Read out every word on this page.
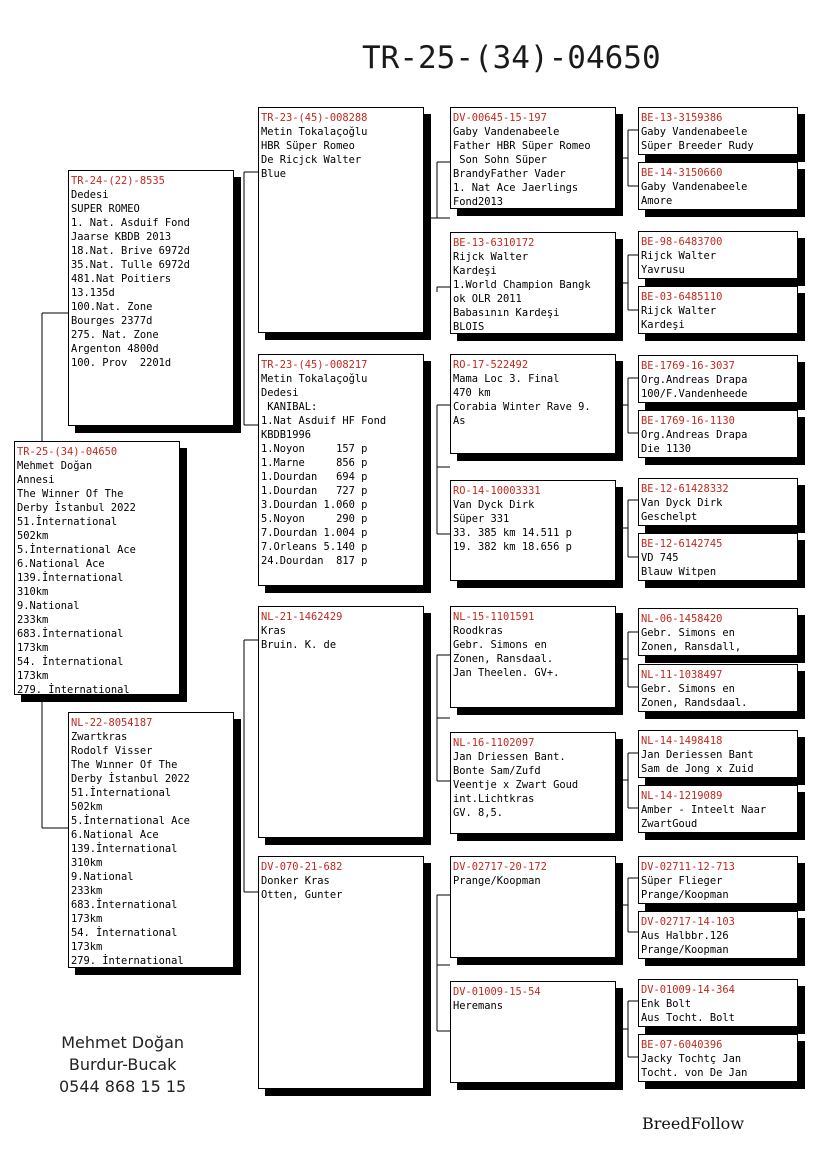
TR-25-(34)-04650
TR-25-(34)-04650
Mehmet Doğan
Annesi
The Winner Of The
Derby İstanbul 2022
51.İnternational
502km
5.İnternational Ace
6.National Ace
139.İnternational
310km
9.National
233km
683.İnternational
173km
54. İnternational
173km
279. İnternational
TR-24-(22)-8535
Dedesi
SUPER ROMEO
1. Nat. Asduif Fond
Jaarse KBDB 2013
18.Nat. Brive 6972d
35.Nat. Tulle 6972d
481.Nat Poitiers
13.135d
100.Nat. Zone
Bourges 2377d
275. Nat. Zone
Argenton 4800d
100. Prov  2201d
NL-22-8054187
Zwartkras
Rodolf Visser
The Wınner Of The
Derby İstanbul 2022
51.İnternational
502km
5.İnternational Ace
6.National Ace
139.İnternational
310km
9.National
233km
683.İnternational
173km
54. İnternational
173km
279. İnternational
TR-23-(45)-008288
Metin Tokalaçoğlu
HBR Süper Romeo
De Ricjck Walter
Blue
TR-23-(45)-008217
Metin Tokalaçoğlu
Dedesi
KANIBAL:
1.Nat Asduif HF Fond
KBDB1996
1.Noyon     157 p
1.Marne     856 p
1.Dourdan   694 p
1.Dourdan   727 p
3.Dourdan 1.060 p
5.Noyon     290 p
7.Dourdan 1.004 p
7.Orleans 5.140 p
24.Dourdan  817 p
NL-21-1462429
Kras
Bruin. K. de
DV-070-21-682
Donker Kras
Otten, Gunter
DV-00645-15-197
Gaby Vandenabeele
Father HBR Süper Romeo
Son Sohn Süper
BrandyFather Vader
1. Nat Ace Jaerlings
Fond2013
BE-13-6310172
Rijck Walter
Kardeşi
1.World Champion Bangk
ok OLR 2011
Babasının Kardeşi
BLOIS
RO-17-522492
Mama Loc 3. Final
470 km
Corabia Winter Rave 9.
As
RO-14-10003331
Van Dyck Dirk
Süper 331
33. 385 km 14.511 p
19. 382 km 18.656 p
NL-15-1101591
Roodkras
Gebr. Simons en
Zonen, Ransdaal.
Jan Theelen. GV+.
NL-16-1102097
Jan Driessen Bant.
Bonte Sam/Zufd
Veentje x Zwart Goud
int.Lichtkras
GV. 8,5.
DV-02717-20-172
Prange/Koopman
DV-01009-15-54
Heremans
BE-13-3159386
Gaby Vandenabeele
Süper Breeder Rudy
BE-14-3150660
Gaby Vandenabeele
Amore
BE-98-6483700
Rijck Walter
Yavrusu
BE-03-6485110
Rijck Walter
Kardeşi
BE-1769-16-3037
Org.Andreas Drapa
100/F.Vandenheede
BE-1769-16-1130
Org.Andreas Drapa
Die 1130
BE-12-61428332
Van Dyck Dirk
Geschelpt
BE-12-6142745
VD 745
Blauw Witpen
NL-06-1458420
Gebr. Simons en
Zonen, Ransdall,
NL-11-1038497
Gebr. Simons en
Zonen, Randsdaal.
NL-14-1498418
Jan Deriessen Bant
Sam de Jong x Zuid
NL-14-1219089
Amber - Inteelt Naar
ZwartGoud
DV-02711-12-713
Süper Flieger
Prange/Koopman
DV-02717-14-103
Aus Halbbr.126
Prange/Koopman
DV-01009-14-364
Enk Bolt
Aus Tocht. Bolt
BE-07-6040396
Jacky Tochtç Jan
Tocht. von De Jan
Mehmet Doğan
Burdur-Bucak
0544 868 15 15
BreedFollow
